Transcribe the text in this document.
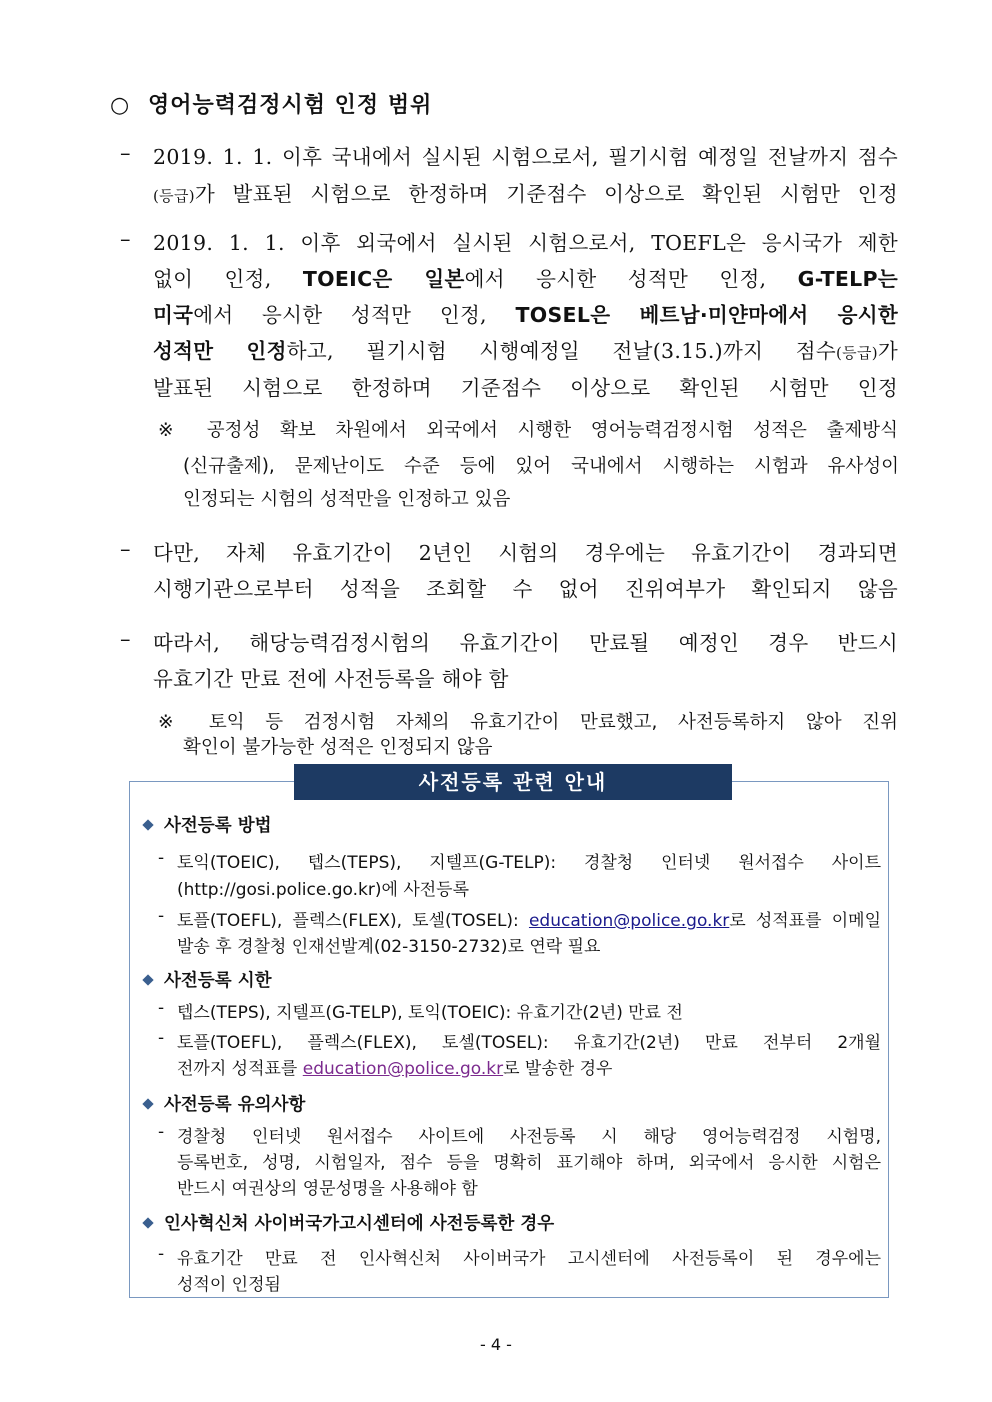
○ 영어능력검정시험 인정 범위
– 2019. 1. 1. 이후 국내에서 실시된 시험으로서, 필기시험 예정일 전날까지 점수
(등급)가 발표된 시험으로 한정하며 기준점수 이상으로 확인된 시험만 인정
– 2019. 1. 1. 이후 외국에서 실시된 시험으로서, TOEFL은 응시국가 제한
없이 인정, TOEIC은 일본에서 응시한 성적만 인정, G-TELP는
미국에서 응시한 성적만 인정, TOSEL은 베트남·미얀마에서 응시한
성적만 인정하고, 필기시험 시행예정일 전날(3.15.)까지 점수(등급)가
발표된 시험으로 한정하며 기준점수 이상으로 확인된 시험만 인정
※ 공정성 확보 차원에서 외국에서 시행한 영어능력검정시험 성적은 출제방식
(신규출제), 문제난이도 수준 등에 있어 국내에서 시행하는 시험과 유사성이
인정되는 시험의 성적만을 인정하고 있음
– 다만, 자체 유효기간이 2년인 시험의 경우에는 유효기간이 경과되면
시행기관으로부터 성적을 조회할 수 없어 진위여부가 확인되지 않음
– 따라서, 해당능력검정시험의 유효기간이 만료될 예정인 경우 반드시
유효기간 만료 전에 사전등록을 해야 함
※ 토익 등 검정시험 자체의 유효기간이 만료했고, 사전등록하지 않아 진위
확인이 불가능한 성적은 인정되지 않음
사전등록 관련 안내
사전등록 방법
- 토익(TOEIC), 텝스(TEPS), 지텔프(G-TELP): 경찰청 인터넷 원서접수 사이트
(http://gosi.police.go.kr)에 사전등록
- 토플(TOEFL), 플렉스(FLEX), 토셀(TOSEL): education@police.go.kr로 성적표를 이메일
발송 후 경찰청 인재선발계(02-3150-2732)로 연락 필요
사전등록 시한
- 텝스(TEPS), 지텔프(G-TELP), 토익(TOEIC): 유효기간(2년) 만료 전
- 토플(TOEFL), 플렉스(FLEX), 토셀(TOSEL): 유효기간(2년) 만료 전부터 2개월
전까지 성적표를 education@police.go.kr로 발송한 경우
사전등록 유의사항
- 경찰청 인터넷 원서접수 사이트에 사전등록 시 해당 영어능력검정 시험명,
등록번호, 성명, 시험일자, 점수 등을 명확히 표기해야 하며, 외국에서 응시한 시험은
반드시 여권상의 영문성명을 사용해야 함
인사혁신처 사이버국가고시센터에 사전등록한 경우
- 유효기간 만료 전 인사혁신처 사이버국가 고시센터에 사전등록이 된 경우에는
성적이 인정됨
- 4 -
